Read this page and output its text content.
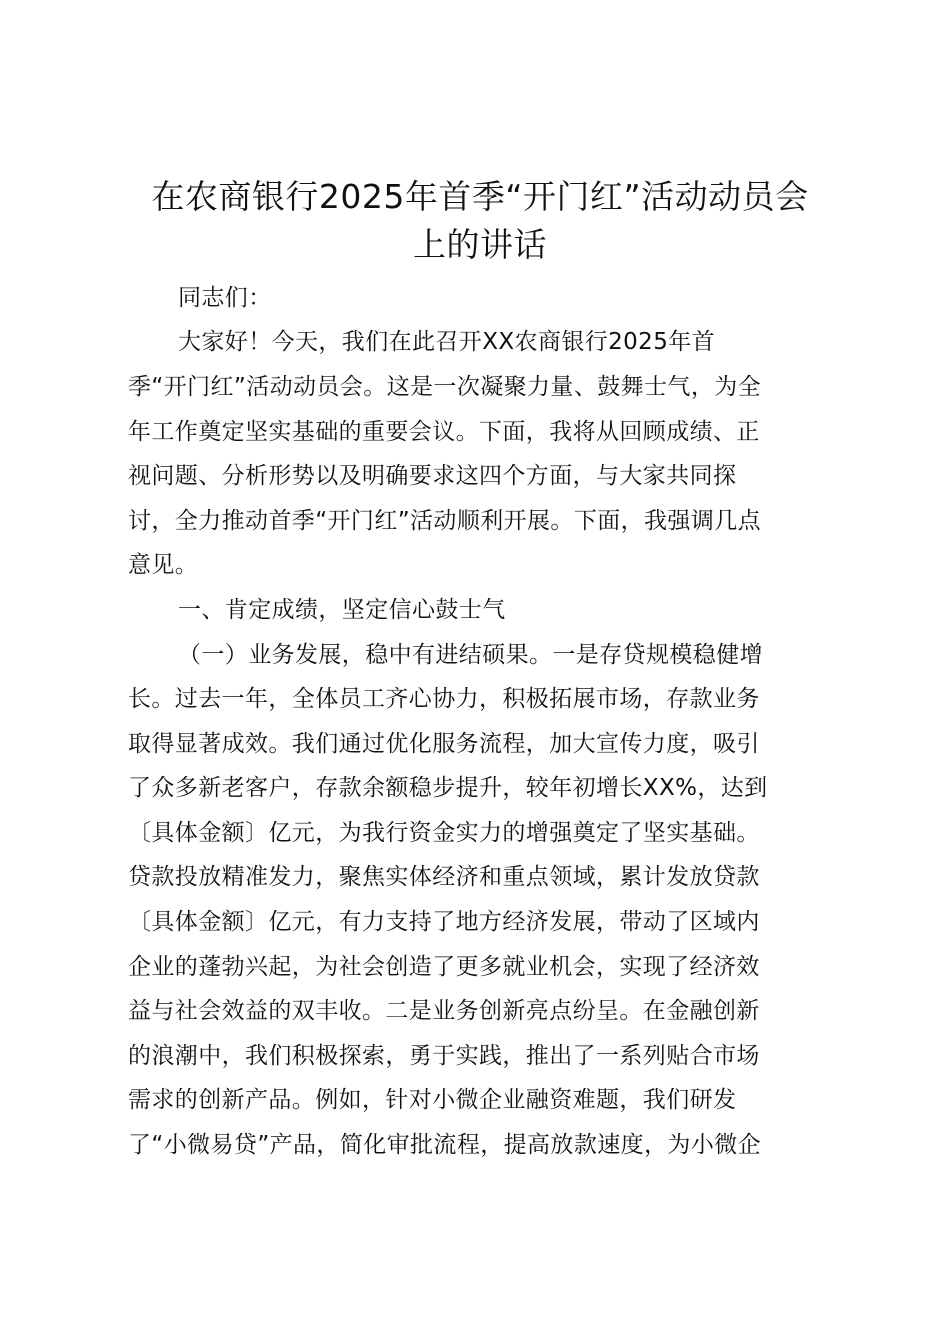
在农商银行2025年首季“开门红”活动动员会
上的讲话
同志们：
大家好！今天，我们在此召开XX农商银行2025年首
季“开门红”活动动员会。这是一次凝聚力量、鼓舞士气，为全
年工作奠定坚实基础的重要会议。下面，我将从回顾成绩、正
视问题、分析形势以及明确要求这四个方面，与大家共同探
讨，全力推动首季“开门红”活动顺利开展。下面，我强调几点
意见。
一、肯定成绩，坚定信心鼓士气
（一）业务发展，稳中有进结硕果。一是存贷规模稳健增
长。过去一年，全体员工齐心协力，积极拓展市场，存款业务
取得显著成效。我们通过优化服务流程，加大宣传力度，吸引
了众多新老客户，存款余额稳步提升，较年初增长XX%，达到
〔具体金额〕亿元，为我行资金实力的增强奠定了坚实基础。
贷款投放精准发力，聚焦实体经济和重点领域，累计发放贷款
〔具体金额〕亿元，有力支持了地方经济发展，带动了区域内
企业的蓬勃兴起，为社会创造了更多就业机会，实现了经济效
益与社会效益的双丰收。二是业务创新亮点纷呈。在金融创新
的浪潮中，我们积极探索，勇于实践，推出了一系列贴合市场
需求的创新产品。例如，针对小微企业融资难题，我们研发
了“小微易贷”产品，简化审批流程，提高放款速度，为小微企
